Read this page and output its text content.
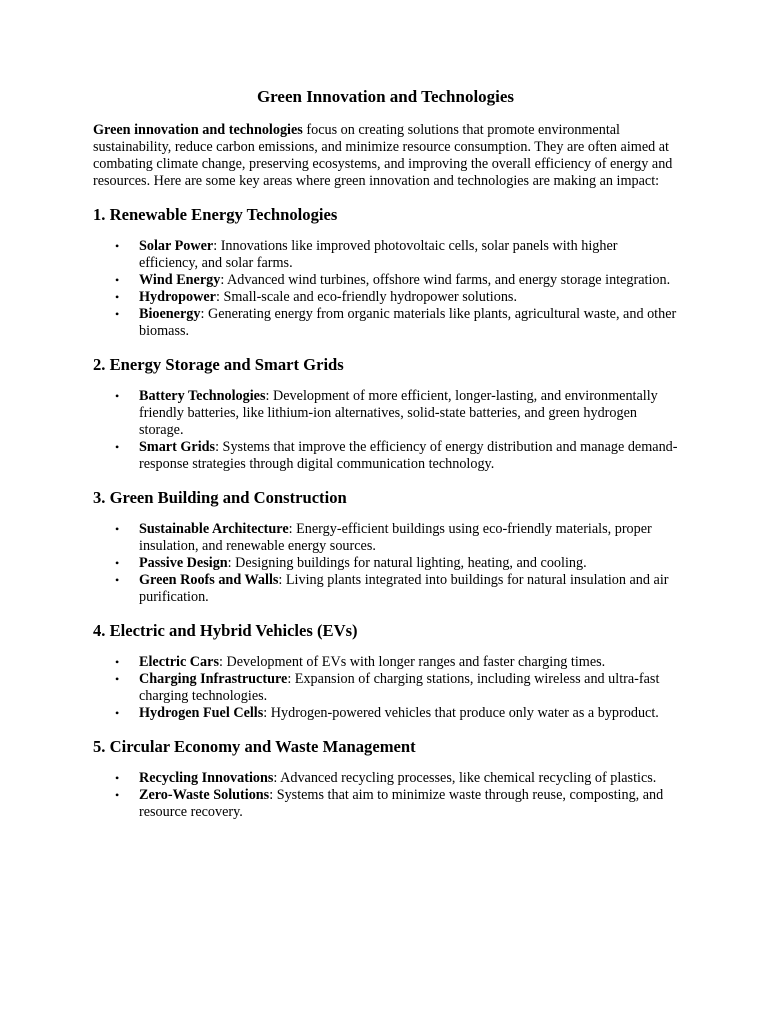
Green Innovation and Technologies

Green innovation and technologies focus on creating solutions that promote environmental sustainability, reduce carbon emissions, and minimize resource consumption. They are often aimed at combating climate change, preserving ecosystems, and improving the overall efficiency of energy and resources. Here are some key areas where green innovation and technologies are making an impact:

1. Renewable Energy Technologies
• Solar Power: Innovations like improved photovoltaic cells, solar panels with higher efficiency, and solar farms.
• Wind Energy: Advanced wind turbines, offshore wind farms, and energy storage integration.
• Hydropower: Small-scale and eco-friendly hydropower solutions.
• Bioenergy: Generating energy from organic materials like plants, agricultural waste, and other biomass.
2. Energy Storage and Smart Grids
• Battery Technologies: Development of more efficient, longer-lasting, and environmentally friendly batteries, like lithium-ion alternatives, solid-state batteries, and green hydrogen storage.
• Smart Grids: Systems that improve the efficiency of energy distribution and manage demand-response strategies through digital communication technology.
3. Green Building and Construction
• Sustainable Architecture: Energy-efficient buildings using eco-friendly materials, proper insulation, and renewable energy sources.
• Passive Design: Designing buildings for natural lighting, heating, and cooling.
• Green Roofs and Walls: Living plants integrated into buildings for natural insulation and air purification.
4. Electric and Hybrid Vehicles (EVs)
• Electric Cars: Development of EVs with longer ranges and faster charging times.
• Charging Infrastructure: Expansion of charging stations, including wireless and ultra-fast charging technologies.
• Hydrogen Fuel Cells: Hydrogen-powered vehicles that produce only water as a byproduct.
5. Circular Economy and Waste Management
• Recycling Innovations: Advanced recycling processes, like chemical recycling of plastics.
• Zero-Waste Solutions: Systems that aim to minimize waste through reuse, composting, and resource recovery.
